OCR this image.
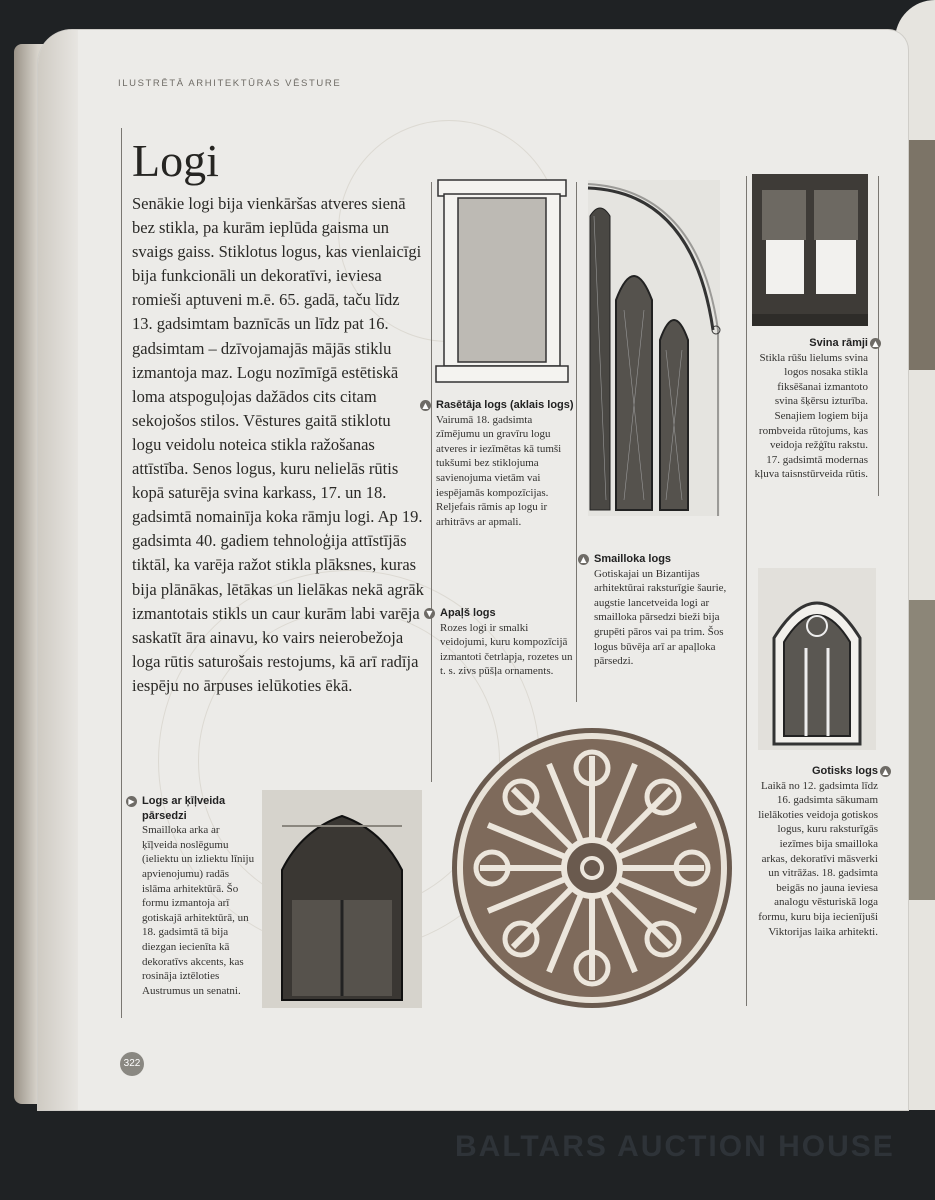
ILUSTRĒTĀ ARHITEKTŪRAS VĒSTURE
Logi

Senākie logi bija vienkāršas atveres sienā bez stikla, pa kurām ieplūda gaisma un svaigs gaiss. Stiklotus logus, kas vienlaicīgi bija funkcionāli un dekoratīvi, ieviesa romieši aptuveni m.ē. 65. gadā, taču līdz 13. gadsimtam baznīcās un līdz pat 16. gadsimtam – dzīvojamajās mājās stiklu izmantoja maz. Logu nozīmīgā estētiskā loma atspoguļojas dažādos cits citam sekojošos stilos. Vēstures gaitā stiklotu logu veidolu noteica stikla ražošanas attīstība. Senos logus, kuru nelielās rūtis kopā saturēja svina karkass, 17. un 18. gadsimtā nomainīja koka rāmju logi. Ap 19. gadsimta 40. gadiem tehnoloģija attīstījās tiktāl, ka varēja ražot stikla plāksnes, kuras bija plānākas, lētākas un lielākas nekā agrāk izmantotais stikls un caur kurām labi varēja saskatīt āra ainavu, ko vairs neierobežoja loga rūtis saturošais restojums, kā arī radīja iespēju no ārpuses ielūkoties ēkā.

▲ Rasētāja logs (aklais logs)
Vairumā 18. gadsimta zīmējumu un gravīru logu atveres ir iezīmētas kā tumši tukšumi bez stiklojuma savienojuma vietām vai iespējamās kompozīcijas. Reljefais rāmis ap logu ir arhitrāvs ar apmali.
▲
Svina rāmji
Stikla rūšu lielums svina logos nosaka stikla fiksēšanai izmantoto svina šķērsu izturība. Senajiem logiem bija rombveida rūtojums, kas veidoja režģītu rakstu. 17. gadsimtā modernas kļuva taisnstūrveida rūtis.
▲ Smailloka logs
Gotiskajai un Bizantijas arhitektūrai raksturīgie šaurie, augstie lancetveida logi ar smailloka pārsedzi bieži bija grupēti pāros vai pa trim. Šos logus būvēja arī ar apaļloka pārsedzi.
▼ Apaļš logs
Rozes logi ir smalki veidojumi, kuru kompozīcijā izmantoti četrlapja, rozetes un t. s. zivs pūšļa ornaments.
▶ Logs ar ķīļveida pārsedzi
Smailloka arka ar ķīļveida noslēgumu (ieliektu un izliektu līniju apvienojumu) radās islāma arhitektūrā. Šo formu izmantoja arī gotiskajā arhitektūrā, un 18. gadsimtā tā bija diezgan iecienīta kā dekoratīvs akcents, kas rosināja iztēloties Austrumus un senatni.
▲
Gotisks logs
Laikā no 12. gadsimta līdz 16. gadsimta sākumam lielākoties veidoja gotiskos logus, kuru raksturīgās iezīmes bija smailloka arkas, dekoratīvi māsverki un vitrāžas. 18. gadsimta beigās no jauna ieviesa analogu vēsturiskā loga formu, kuru bija iecienījuši Viktorijas laika arhitekti.
322
BALTARS AUCTION HOUSE
